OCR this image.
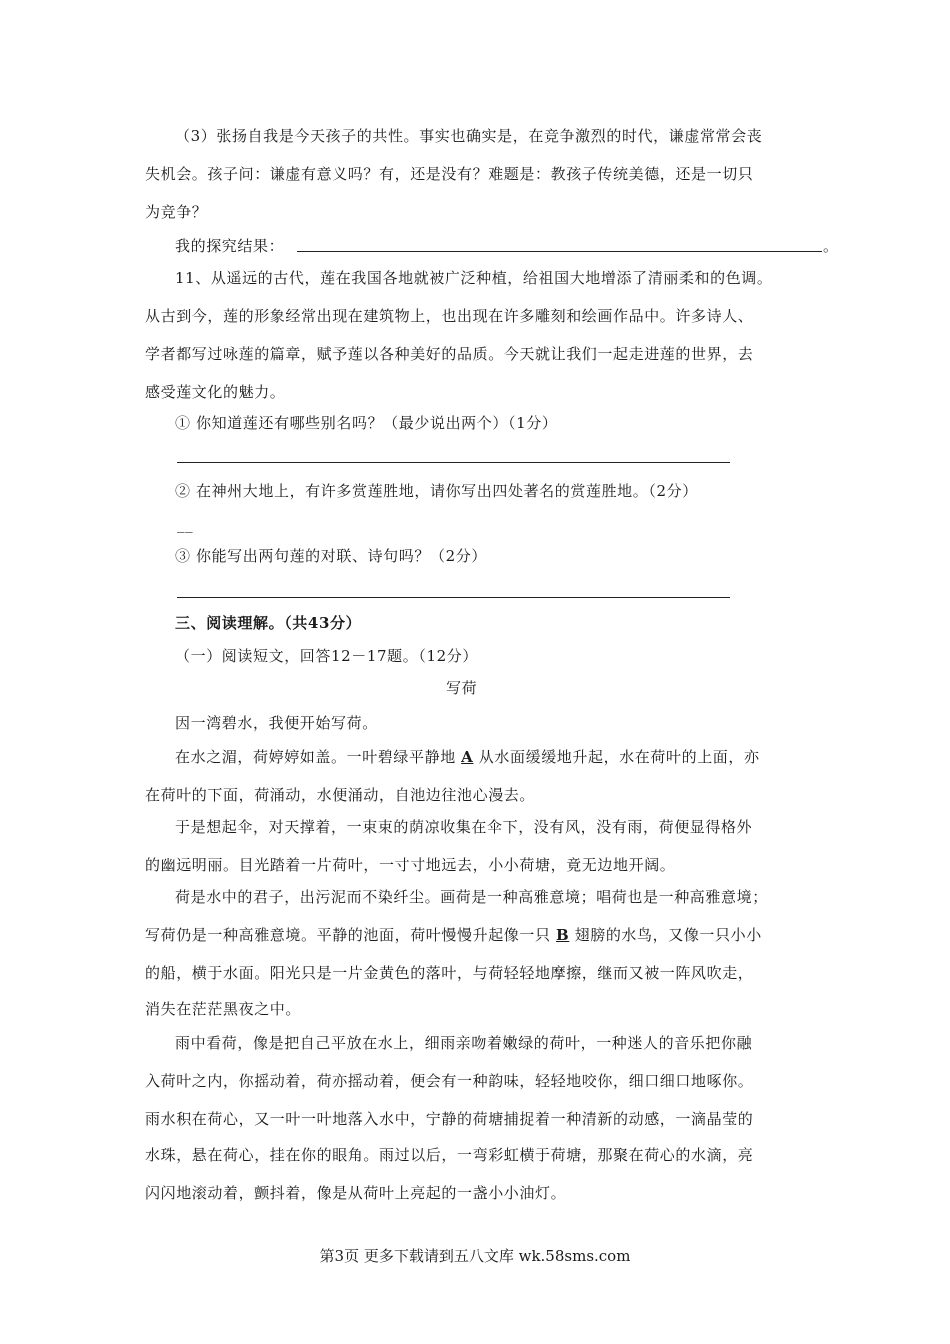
（3）张扬自我是今天孩子的共性。事实也确实是，在竞争激烈的时代，谦虚常常会丧
失机会。孩子问：谦虚有意义吗？有，还是没有？难题是：教孩子传统美德，还是一切只
为竞争？
我的探究结果：	。
11、从遥远的古代，莲在我国各地就被广泛种植，给祖国大地增添了清丽柔和的色调。
从古到今，莲的形象经常出现在建筑物上，也出现在许多雕刻和绘画作品中。许多诗人、
学者都写过咏莲的篇章，赋予莲以各种美好的品质。今天就让我们一起走进莲的世界，去
感受莲文化的魅力。
① 你知道莲还有哪些别名吗？（最少说出两个）（1分）
② 在神州大地上，有许多赏莲胜地，请你写出四处著名的赏莲胜地。（2分）
__
③ 你能写出两句莲的对联、诗句吗？（2分）
三、阅读理解。（共43分）
（一）阅读短文，回答12－17题。（12分）
写荷
因一湾碧水，我便开始写荷。
在水之湄，荷婷婷如盖。一叶碧绿平静地 A 从水面缓缓地升起，水在荷叶的上面，亦
在荷叶的下面，荷涌动，水便涌动，自池边往池心漫去。
于是想起伞，对天撑着，一束束的荫凉收集在伞下，没有风，没有雨，荷便显得格外
的幽远明丽。目光踏着一片荷叶，一寸寸地远去，小小荷塘，竟无边地开阔。
荷是水中的君子，出污泥而不染纤尘。画荷是一种高雅意境；唱荷也是一种高雅意境；
写荷仍是一种高雅意境。平静的池面，荷叶慢慢升起像一只 B 翅膀的水鸟，又像一只小小
的船，横于水面。阳光只是一片金黄色的落叶，与荷轻轻地摩擦，继而又被一阵风吹走，
消失在茫茫黑夜之中。
雨中看荷，像是把自己平放在水上，细雨亲吻着嫩绿的荷叶，一种迷人的音乐把你融
入荷叶之内，你摇动着，荷亦摇动着，便会有一种韵味，轻轻地咬你，细口细口地啄你。
雨水积在荷心，又一叶一叶地落入水中，宁静的荷塘捕捉着一种清新的动感，一滴晶莹的
水珠，悬在荷心，挂在你的眼角。雨过以后，一弯彩虹横于荷塘，那聚在荷心的水滴，亮
闪闪地滚动着，颤抖着，像是从荷叶上亮起的一盏小小油灯。
第3页 更多下载请到五八文库 wk.58sms.com
